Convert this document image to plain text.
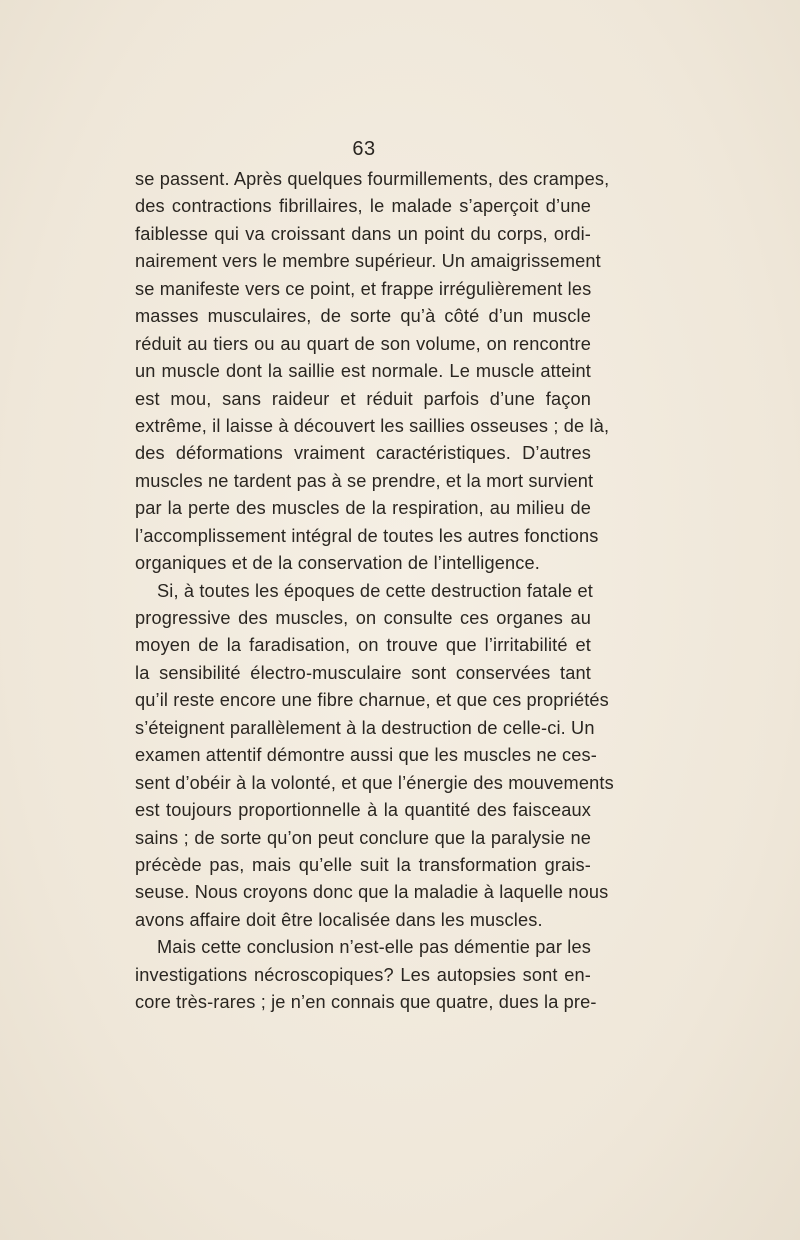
63
se passent. Après quelques fourmillements, des crampes,
des contractions fibrillaires, le malade s’aperçoit d’une
faiblesse qui va croissant dans un point du corps, ordi-
nairement vers le membre supérieur. Un amaigrissement
se manifeste vers ce point, et frappe irrégulièrement les
masses musculaires, de sorte qu’à côté d’un muscle
réduit au tiers ou au quart de son volume, on rencontre
un muscle dont la saillie est normale. Le muscle atteint
est mou, sans raideur et réduit parfois d’une façon
extrême, il laisse à découvert les saillies osseuses ; de là,
des déformations vraiment caractéristiques. D’autres
muscles ne tardent pas à se prendre, et la mort survient
par la perte des muscles de la respiration, au milieu de
l’accomplissement intégral de toutes les autres fonctions
organiques et de la conservation de l’intelligence.
Si, à toutes les époques de cette destruction fatale et
progressive des muscles, on consulte ces organes au
moyen de la faradisation, on trouve que l’irritabilité et
la sensibilité électro-musculaire sont conservées tant
qu’il reste encore une fibre charnue, et que ces propriétés
s’éteignent parallèlement à la destruction de celle-ci. Un
examen attentif démontre aussi que les muscles ne ces-
sent d’obéir à la volonté, et que l’énergie des mouvements
est toujours proportionnelle à la quantité des faisceaux
sains ; de sorte qu’on peut conclure que la paralysie ne
précède pas, mais qu’elle suit la transformation grais-
seuse. Nous croyons donc que la maladie à laquelle nous
avons affaire doit être localisée dans les muscles.
Mais cette conclusion n’est-elle pas démentie par les
investigations nécroscopiques? Les autopsies sont en-
core très-rares ; je n’en connais que quatre, dues la pre-
